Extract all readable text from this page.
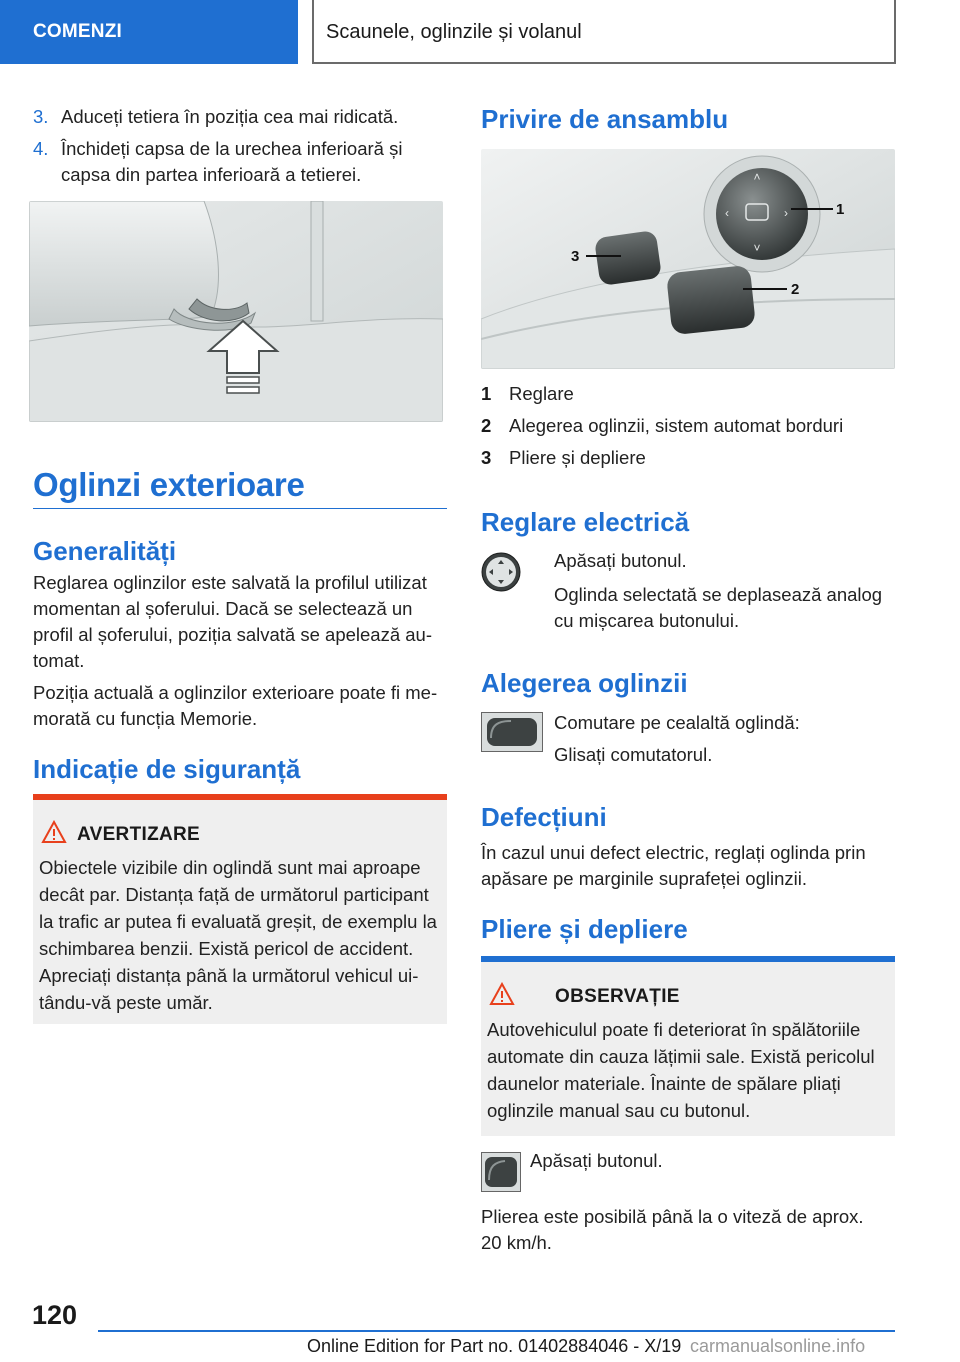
COMENZI	Scaunele, oglinzile și volanul
3. Aduceți tetiera în poziția cea mai ridicată.
4. Închideți capsa de la urechea inferioară și capsa din partea inferioară a tetierei.
Oglinzi exterioare
Generalități
Reglarea oglinzilor este salvată la profilul utilizat momentan al șoferului. Dacă se selectează un profil al șoferului, poziția salvată se apelează au-tomat.
Poziția actuală a oglinzilor exterioare poate fi me-morată cu funcția Memorie.
Indicație de siguranță
AVERTIZARE
Obiectele vizibile din oglindă sunt mai aproape decât par. Distanța față de următorul participant la trafic ar putea fi evaluată greșit, de exemplu la schimbarea benzii. Există pericol de accident. Apreciați distanța până la următorul vehicul ui-tându-vă peste umăr.
Privire de ansamblu
˄
˅
‹	›	1
2
3
1 Reglare
2 Alegerea oglinzii, sistem automat borduri
3 Pliere și depliere
Reglare electrică
Apăsați butonul.
Oglinda selectată se deplasează analog cu mișcarea butonului.
Alegerea oglinzii
Comutare pe cealaltă oglindă:
Glisați comutatorul.
Defecțiuni
În cazul unui defect electric, reglați oglinda prin apăsare pe marginile suprafeței oglinzii.
Pliere și depliere
OBSERVAȚIE
Autovehiculul poate fi deteriorat în spălătoriile automate din cauza lățimii sale. Există pericolul daunelor materiale. Înainte de spălare pliați oglinzile manual sau cu butonul.
Apăsați butonul.
Plierea este posibilă până la o viteză de aprox. 20 km/h.
120
Online Edition for Part no. 01402884046 - X/19 carmanualsonline.info
